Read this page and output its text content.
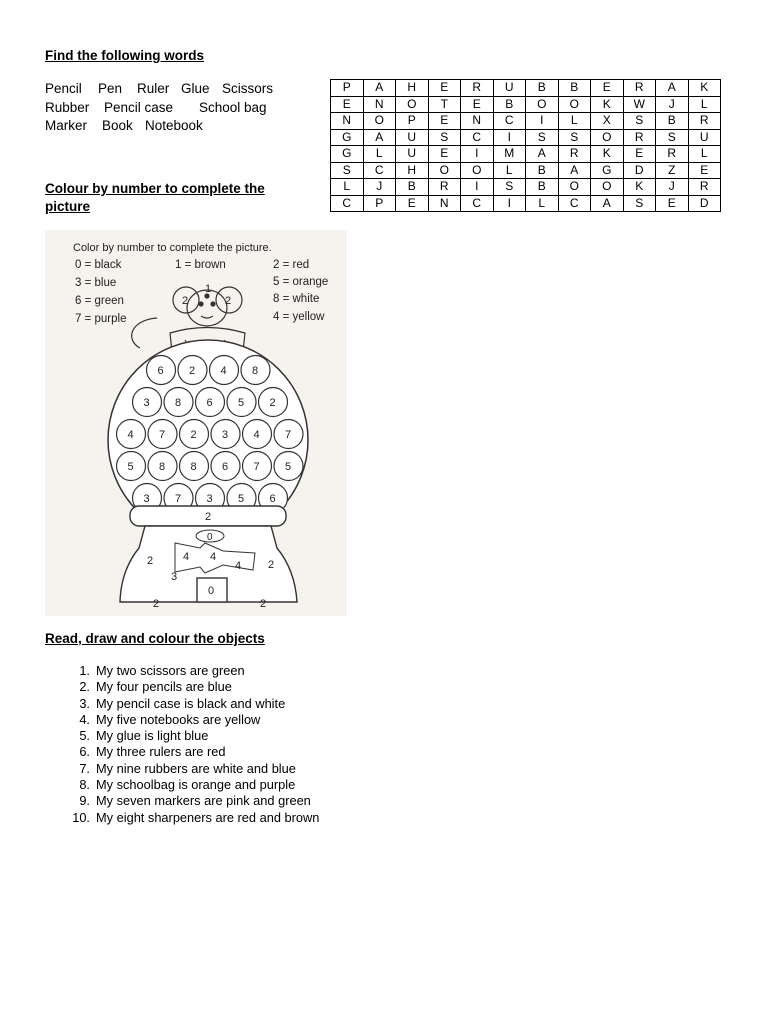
Find the following words
Pencil Pen Ruler Glue Scissors
Rubber Pencil case School bag
Marker Book Notebook
P	A	H	E	R	U	B	B	E	R	A	K
E	N	O	T	E	B	O	O	K	W	J	L
N	O	P	E	N	C	I	L	X	S	B	R
G	A	U	S	C	I	S	S	O	R	S	U
G	L	U	E	I	M	A	R	K	E	R	L
S	C	H	O	O	L	B	A	G	D	Z	E
L	J	B	R	I	S	B	O	O	K	J	R
C	P	E	N	C	I	L	C	A	S	E	D
Colour by number to complete the
picture
Color by number to complete the picture.
0 = black	1 = brown	2 = red
3 = blue	5 = orange
6 = green	8 = white
7 = purple	4 = yellow
2
1
2
6 2 4 8
3 8 6 5 2
4 7 2 3 4 7
5 8 8 6 7 5
3 7 3 5 6
2
0
4 4
4
2
3
2
2	2
0
Read, draw and colour the objects
1. My two scissors are green
2. My four pencils are blue
3. My pencil case is black and white
4. My five notebooks are yellow
5. My glue is light blue
6. My three rulers are red
7. My nine rubbers are white and blue
8. My schoolbag is orange and purple
9. My seven markers are pink and green
10. My eight sharpeners are red and brown
